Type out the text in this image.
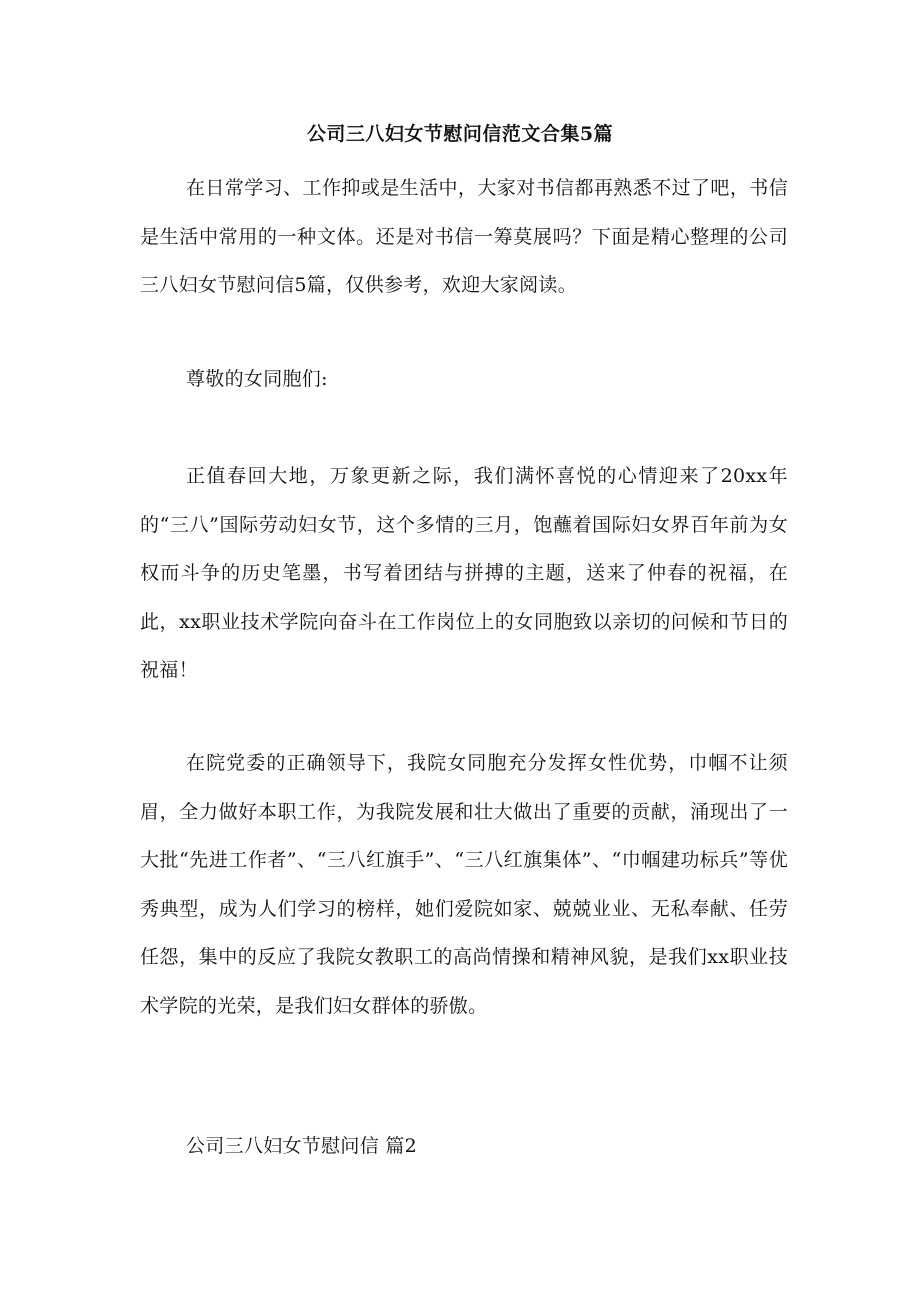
公司三八妇女节慰问信范文合集5篇

在日常学习、工作抑或是生活中，大家对书信都再熟悉不过了吧，书信是生活中常用的一种文体。还是对书信一筹莫展吗？下面是精心整理的公司三八妇女节慰问信5篇，仅供参考，欢迎大家阅读。

尊敬的女同胞们:

正值春回大地，万象更新之际，我们满怀喜悦的心情迎来了20xx年的“三八”国际劳动妇女节，这个多情的三月，饱蘸着国际妇女界百年前为女权而斗争的历史笔墨，书写着团结与拼搏的主题，送来了仲春的祝福，在此，xx职业技术学院向奋斗在工作岗位上的女同胞致以亲切的问候和节日的祝福！

在院党委的正确领导下，我院女同胞充分发挥女性优势，巾帼不让须眉，全力做好本职工作，为我院发展和壮大做出了重要的贡献，涌现出了一大批“先进工作者”、“三八红旗手”、“三八红旗集体”、“巾帼建功标兵”等优秀典型，成为人们学习的榜样，她们爱院如家、兢兢业业、无私奉献、任劳任怨，集中的反应了我院女教职工的高尚情操和精神风貌，是我们xx职业技术学院的光荣，是我们妇女群体的骄傲。

公司三八妇女节慰问信 篇2
